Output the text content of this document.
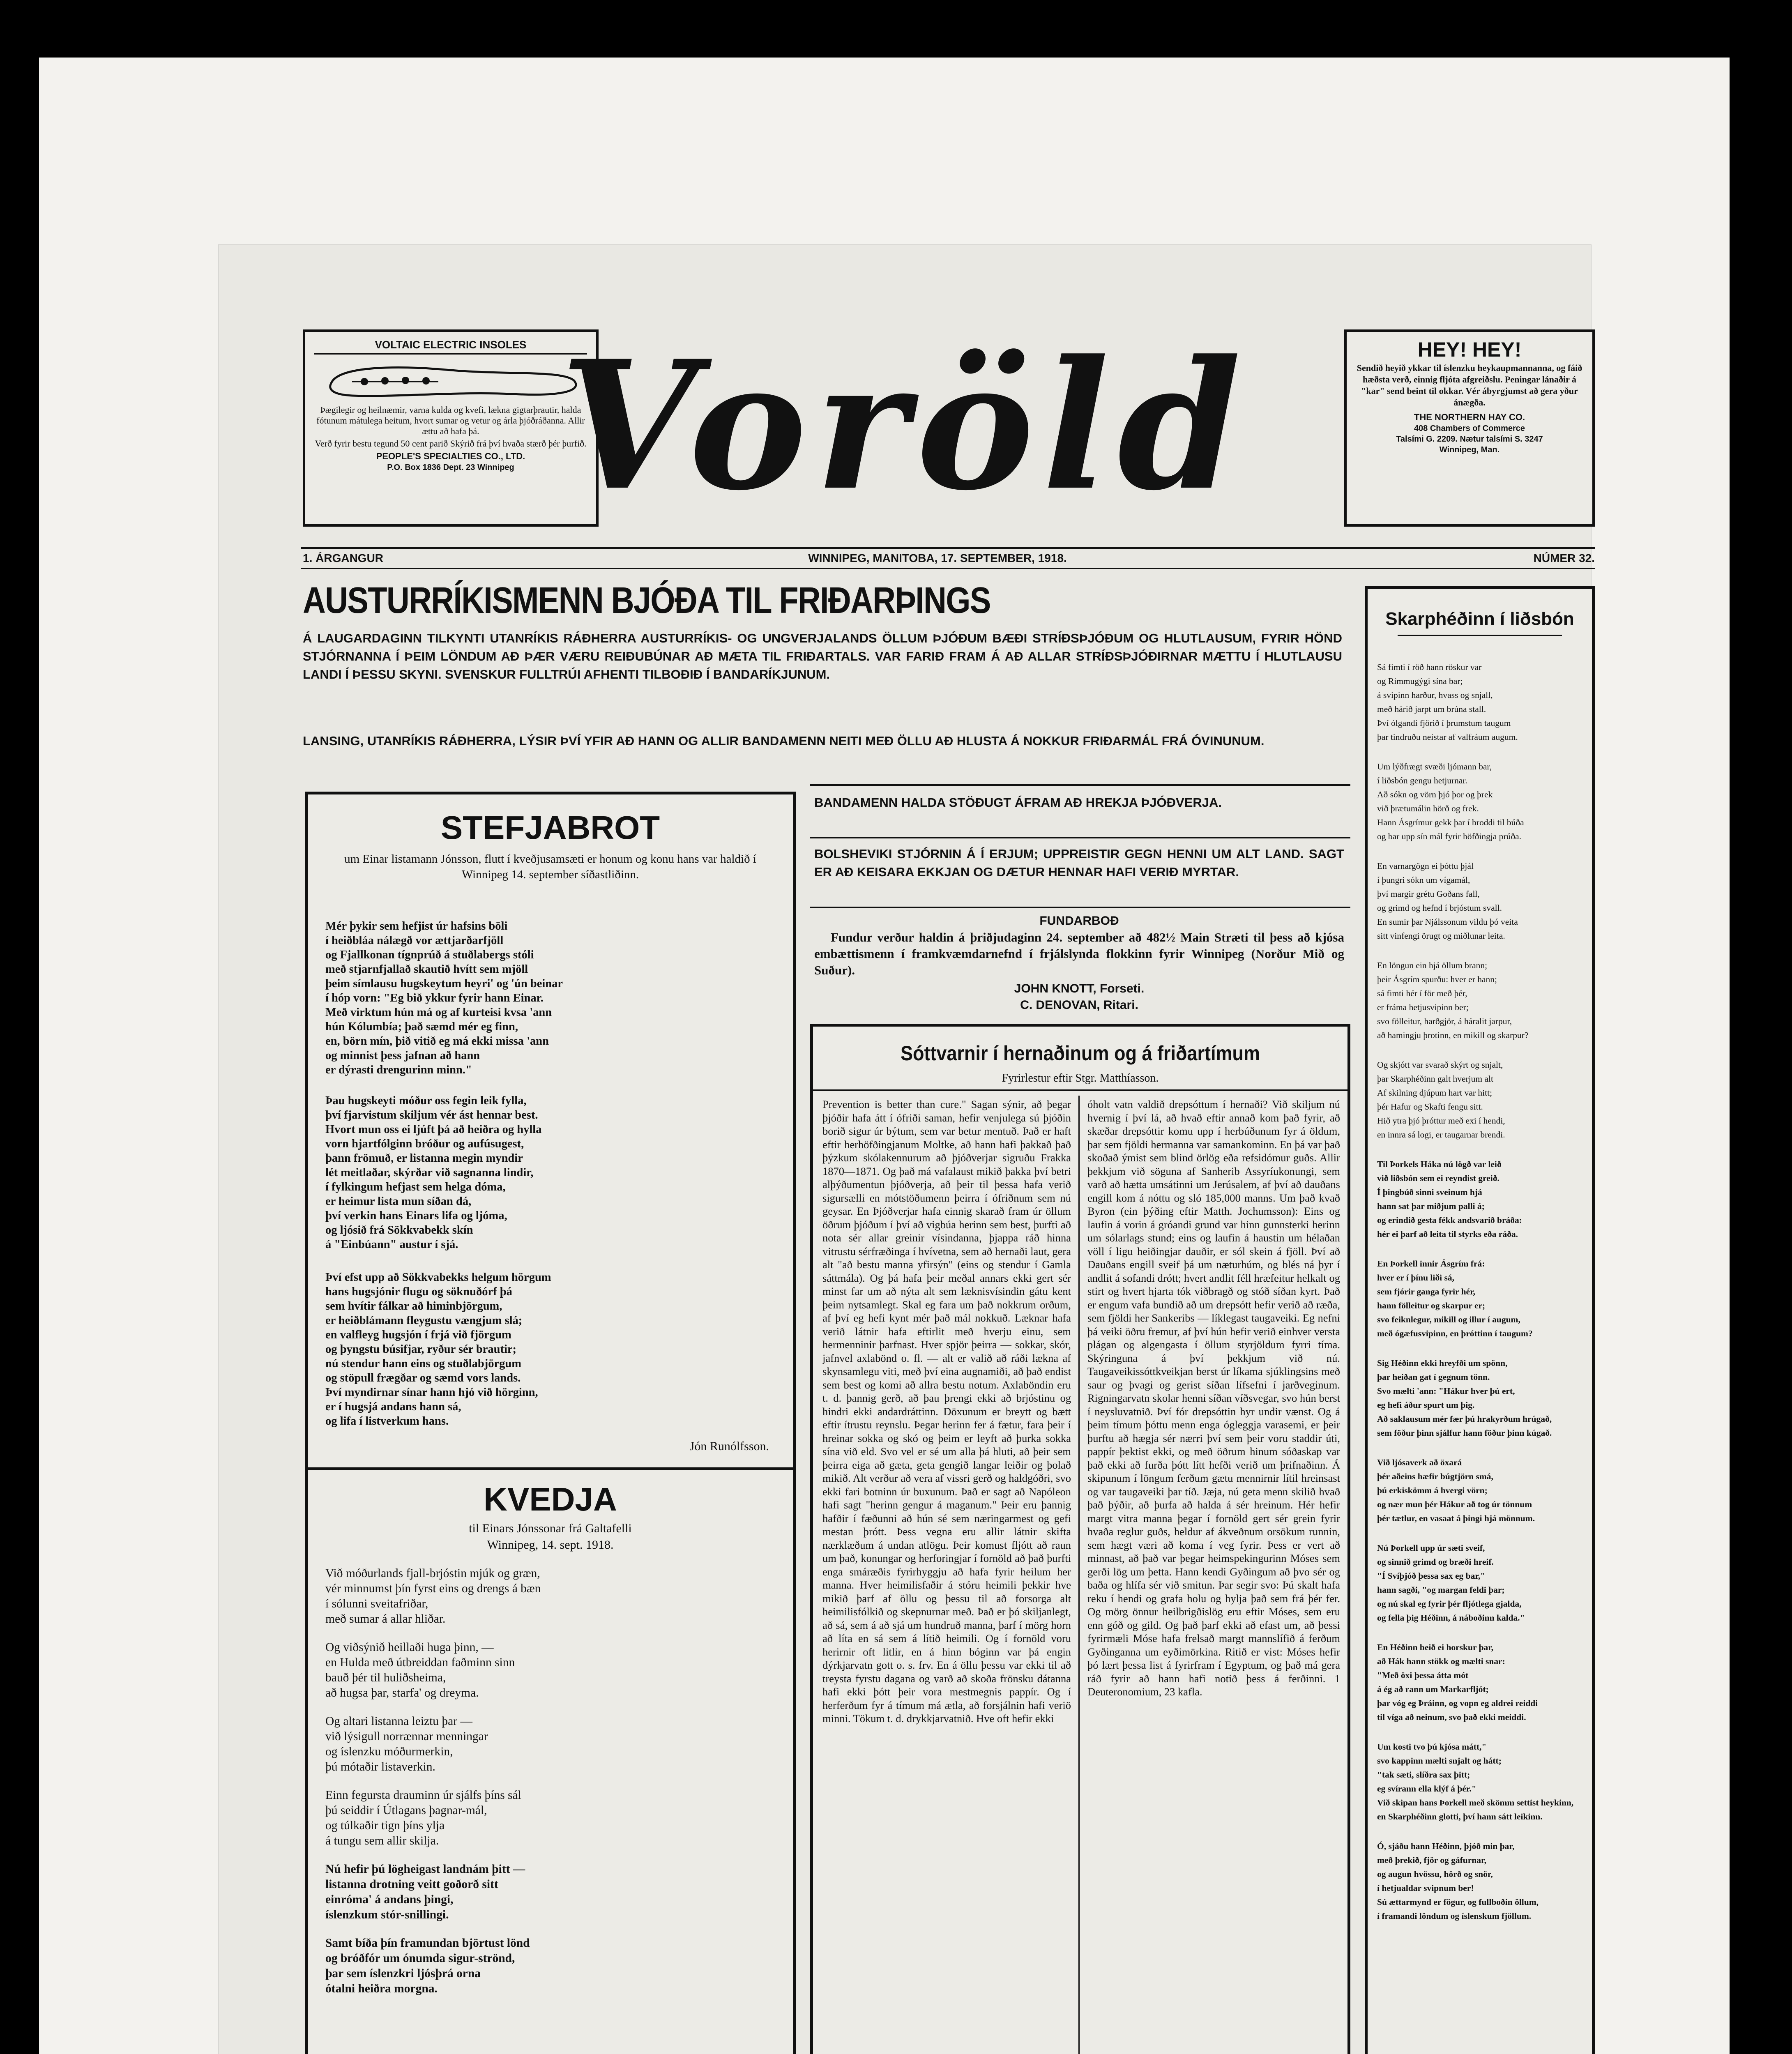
VOLTAIC ELECTRIC INSOLES
Þægilegir og heilnæmir, varna kulda og kvefi, lækna gigtarþrautir, halda fótunum mátulega heitum, hvort sumar og vetur og árla þjóðráðanna. Allir ættu að hafa þá.
Verð fyrir bestu tegund 50 cent parið Skýrið frá því hvaða stærð þér þurfið.
PEOPLE'S SPECIALTIES CO., LTD.
P.O. Box 1836 Dept. 23 Winnipeg Voröld	HEY! HEY!
Sendið heyið ykkar til íslenzku heykaupmannanna, og fáið hæðsta verð, einnig fljóta afgreiðslu. Peningar lánaðir á "kar" send beint til okkar. Vér ábyrgjumst að gera yður ánægða.
THE NORTHERN HAY CO.
408 Chambers of Commerce
Talsími G. 2209. Nætur talsími S. 3247
Winnipeg, Man.
1. ÁRGANGUR	WINNIPEG, MANITOBA, 17. SEPTEMBER, 1918.	NÚMER 32.
AUSTURRÍKISMENN BJÓÐA TIL FRIÐARÞINGS
Á LAUGARDAGINN TILKYNTI UTANRÍKIS RÁÐHERRA AUSTURRÍKIS- OG UNGVERJALANDS ÖLLUM ÞJÓÐUM BÆÐI STRÍÐSÞJÓÐUM OG HLUTLAUSUM, FYRIR HÖND STJÓRNANNA Í ÞEIM LÖNDUM AÐ ÞÆR VÆRU REIÐUBÚNAR AÐ MÆTA TIL FRIÐARTALS. VAR FARIÐ FRAM Á AÐ ALLAR STRÍÐSÞJÓÐIRNAR MÆTTU Í HLUTLAUSU LANDI Í ÞESSU SKYNI. SVENSKUR FULLTRÚI AFHENTI TILBOÐIÐ Í BANDARÍKJUNUM.
LANSING, UTANRÍKIS RÁÐHERRA, LÝSIR ÞVÍ YFIR AÐ HANN OG ALLIR BANDAMENN NEITI MEÐ ÖLLU AÐ HLUSTA Á NOKKUR FRIÐARMÁL FRÁ ÓVINUNUM.
STEFJABROT
um Einar listamann Jónsson, flutt í kveðjusamsæti er honum og konu hans var haldið í Winnipeg 14. september síðastliðinn.
Mér þykir sem hefjist úr hafsins böli
í heiðbláa nálægð vor ættjarðarfjöll
og Fjallkonan tígnprúð á stuðlabergs stóli
með stjarnfjallað skautið hvítt sem mjöll
þeim símlausu hugskeytum heyri' og 'ún beinar
í hóp vorn: "Eg bið ykkur fyrir hann Einar.
Með virktum hún má og af kurteisi kvsa 'ann
hún Kólumbía; það sæmd mér eg finn,
en, börn mín, þið vitið eg má ekki missa 'ann
og minnist þess jafnan að hann
er dýrasti drengurinn minn."
Þau hugskeyti móður oss fegin leik fylla,
því fjarvistum skiljum vér ást hennar best.
Hvort mun oss ei ljúft þá að heiðra og hylla
vorn hjartfólginn bróður og aufúsugest,
þann frömuð, er listanna megin myndir
lét meitlaðar, skýrðar við sagnanna lindir,
í fylkingum hefjast sem helga dóma,
er heimur lista mun síðan dá,
því verkin hans Einars lifa og ljóma,
og ljósið frá Sökkvabekk skín
á "Einbúann" austur í sjá.
Því efst upp að Sökkvabekks helgum hörgum
hans hugsjónir flugu og söknuðórf þá
sem hvítir fálkar að himinbjörgum,
er heiðblámann fleygustu vængjum slá;
en valfleyg hugsjón í frjá við fjörgum
og þyngstu búsifjar, ryður sér brautir;
nú stendur hann eins og stuðlabjörgum
og stöpull frægðar og sæmd vors lands.
Því myndirnar sínar hann hjó við hörginn,
er í hugsjá andans hann sá,
og lifa í listverkum hans.
Jón Runólfsson.
KVEDJA
til Einars Jónssonar frá Galtafelli
Winnipeg, 14. sept. 1918.
Við móðurlands fjall-brjóstin mjúk og græn,
vér minnumst þín fyrst eins og drengs á bæn
í sólunni sveitafriðar,
með sumar á allar hliðar.
Og viðsýnið heillaði huga þinn, —
en Hulda með útbreiddan faðminn sinn
bauð þér til huliðsheima,
að hugsa þar, starfa' og dreyma.
Og altari listanna leiztu þar —
við lýsigull norrænnar menningar
og íslenzku móðurmerkin,
þú mótaðir listaverkin.
Einn fegursta drauminn úr sjálfs þíns sál
þú seiddir í Útlagans þagnar-mál,
og túlkaðir tign þíns ylja
á tungu sem allir skilja.
Nú hefir þú lögheigast landnám þitt —
listanna drotning veitt goðorð sitt
einróma' á andans þingi,
íslenzkum stór-snillingi.
Samt bíða þín framundan björtust lönd
og bróðfór um ónumda sigur-strönd,
þar sem íslenzkri ljósþrá orna
ótalni heiðra morgna.
BANDAMENN HALDA STÖÐUGT ÁFRAM AÐ HREKJA ÞJÓÐVERJA.
BOLSHEVIKI STJÓRNIN Á Í ERJUM; UPPREISTIR GEGN HENNI UM ALT LAND. SAGT ER AÐ KEISARA EKKJAN OG DÆTUR HENNAR HAFI VERIÐ MYRTAR.
FUNDARBOÐ
Fundur verður haldin á þriðjudaginn 24. september að 482½ Main Stræti til þess að kjósa embættismenn í framkvæmdarnefnd í frjálslynda flokkinn fyrir Winnipeg (Norður Mið og Suður).
JOHN KNOTT, Forseti.
C. DENOVAN, Ritari.
Sóttvarnir í hernaðinum og á friðartímum
Fyrirlestur eftir Stgr. Matthíasson.
Prevention is better than cure." Sagan sýnir, að þegar þjóðir hafa átt í ófriði saman, hefir venjulega sú þjóðin borið sigur úr býtum, sem var betur mentuð. Það er haft eftir herhöfðingjanum Moltke, að hann hafi þakkað það þýzkum skólakennurum að þjóðverjar sigruðu Frakka 1870—1871. Og það má vafalaust mikið þakka því betri alþýðumentun þjóðverja, að þeir til þessa hafa verið sigursælli en mótstöðumenn þeirra í ófriðnum sem nú geysar. En Þjóðverjar hafa einnig skarað fram úr öllum öðrum þjóðum í því að vigbúa herinn sem best, þurfti að nota sér allar greinir vísindanna, þjappa ráð hinna vitrustu sérfræðinga í hvívetna, sem að hernaði laut, gera alt "að bestu manna yfirsýn" (eins og stendur í Gamla sáttmála). Og þá hafa þeir meðal annars ekki gert sér minst far um að nýta alt sem læknisvísindin gátu kent þeim nytsamlegt. Skal eg fara um það nokkrum orðum, af því eg hefi kynt mér það mál nokkuð. Læknar hafa verið látnir hafa eftirlit með hverju einu, sem hermenninir þarfnast. Hver spjör þeirra — sokkar, skór, jafnvel axlabönd o. fl. — alt er valið að ráði lækna af skynsamlegu viti, með því eina augnamiði, að það endist sem best og komi að allra bestu notum. Axlaböndin eru t. d. þannig gerð, að þau þrengi ekki að brjóstinu og hindri ekki andardráttinn. Döxunum er breytt og bætt eftir ítrustu reynslu. Þegar herinn fer á fætur, fara þeir í hreinar sokka og skó og þeim er leyft að þurka sokka sína við eld. Svo vel er sé um alla þá hluti, að þeir sem þeirra eiga að gæta, geta gengið langar leiðir og þolað mikið. Alt verður að vera af vissri gerð og haldgóðri, svo ekki fari botninn úr buxunum. Það er sagt að Napóleon hafi sagt "herinn gengur á maganum." Þeir eru þannig hafðir í fæðunni að hún sé sem næringarmest og gefi mestan þrótt. Þess vegna eru allir látnir skifta nærklæðum á undan atlögu. Þeir komust fljótt að raun um það, konungar og herforingjar í fornöld að það þurfti enga smáræðis fyrirhyggju að hafa fyrir heilum her manna. Hver heimilisfaðir á stóru heimili þekkir hve mikið þarf af öllu og þessu til að forsorga alt heimilisfólkið og skepnurnar með. Það er þó skiljanlegt, að sá, sem á að sjá um hundruð manna, þarf í mörg horn að líta en sá sem á lítið heimili. Og í fornöld voru herirnir oft litlir, en á hinn bóginn var þá engin dýrkjarvatn gott o. s. frv. En á öllu þessu var ekki til að treysta fyrstu dagana og varð að skoða frönsku dátanna hafi ekki þótt þeir vora mestmegnis pappír. Og í herferðum fyr á tímum má ætla, að forsjálnin hafi veriö minni. Tökum t. d. drykkjarvatnið. Hve oft hefir ekki
óholt vatn valdið drepsóttum í hernaði? Við skiljum nú hvernig í því lá, að hvað eftir annað kom það fyrir, að skæðar drepsóttir komu upp í herbúðunum fyr á öldum, þar sem fjöldi hermanna var samankominn. En þá var það skoðað ýmist sem blind örlög eða refsidómur guðs. Allir þekkjum við söguna af Sanherib Assyríukonungi, sem varð að hætta umsátinni um Jerúsalem, af því að dauðans engill kom á nóttu og sló 185,000 manns. Um það kvað Byron (ein þýðing eftir Matth. Jochumsson): Eins og laufin á vorin á gróandi grund var hinn gunnsterki herinn um sólarlags stund; eins og laufin á haustin um hélaðan völl í ligu heiðingjar dauðir, er sól skein á fjöll. Því að Dauðans engill sveif þá um næturhúm, og blés ná þyr í andlit á sofandi drótt; hvert andlit féll hræfeitur helkalt og stirt og hvert hjarta tók viðbragð og stóð síðan kyrt. Það er engum vafa bundið að um drepsótt hefir verið að ræða, sem fjöldi her Sankeribs — líklegast taugaveiki. Eg nefni þá veiki öðru fremur, af því hún hefir verið einhver versta plágan og algengasta í öllum styrjöldum fyrri tíma. Skýringuna á því þekkjum við nú. Taugaveikissóttkveikjan berst úr líkama sjúklingsins með saur og þvagi og gerist síðan lífsefni í jarðveginum. Rigningarvatn skolar henni síðan víðsvegar, svo hún berst í neysluvatnið. Því fór drepsóttin hyr undir vænst. Og á þeim tímum þóttu menn enga ógleggja varasemi, er þeir þurftu að hægja sér nærri því sem þeir voru staddir úti, pappír þektist ekki, og með öðrum hinum sóðaskap var það ekki að furða þótt lítt hefði verið um þrifnaðinn. Á skipunum í löngum ferðum gætu mennirnir lítil hreinsast og var taugaveiki þar tíð. Jæja, nú geta menn skilið hvað það þýðir, að þurfa að halda á sér hreinum. Hér hefir margt vitra manna þegar í fornöld gert sér grein fyrir hvaða reglur guðs, heldur af ákveðnum orsökum runnin, sem hægt væri að koma í veg fyrir. Þess er vert að minnast, að það var þegar heimspekingurinn Móses sem gerði lög um þetta. Hann kendi Gyðingum að þvo sér og baða og hlífa sér við smitun. Þar segir svo: Þú skalt hafa reku í hendi og grafa holu og hylja það sem frá þér fer. Og mörg önnur heilbrigðislög eru eftir Móses, sem eru enn góð og gild. Og það þarf ekki að efast um, að þessi fyrirmæli Móse hafa frelsað margt mannslífið á ferðum Gyðinganna um eyðimörkina. Ritið er vist: Móses hefir þó lært þessa list á fyrirfram í Egyptum, og það má gera ráð fyrir að hann hafi notið þess á ferðinni. 1 Deuteronomium, 23 kafla.
Skarphéðinn í liðsbón
Sá fimti í röð hann röskur var
og Rimmugýgi sína bar;
á svipinn harður, hvass og snjall,
með hárið jarpt um brúna stall.
Því ólgandi fjörið í þrumstum taugum
þar tindruðu neistar af valfráum augum.
Um lýðfrægt svæði ljómann bar,
í liðsbón gengu hetjurnar.
Að sókn og vörn þjó þor og þrek
við þrætumálin hörð og frek.
Hann Ásgrímur gekk þar í broddi til búða
og bar upp sín mál fyrir höfðingja prúða.
En varnargögn ei þóttu þjál
í þungri sókn um vígamál,
því margir grétu Goðans fall,
og grimd og hefnd í brjóstum svall.
En sumir þar Njálssonum vildu þó veita
sitt vinfengi örugt og miðlunar leita.
En löngun ein hjá öllum brann;
þeir Ásgrím spurðu: hver er hann;
sá fimti hér í för með þér,
er fráma hetjusvipinn ber;
svo fölleitur, harðgjör, á háralit jarpur,
að hamingju þrotinn, en mikill og skarpur?
Og skjótt var svarað skýrt og snjalt,
þar Skarphéðinn galt hverjum alt
Af skilning djúpum hart var hitt;
þér Hafur og Skafti fengu sitt.
Hið ytra þjó þróttur með exi í hendi,
en innra sá logi, er taugarnar brendi.
Til Þorkels Háka nú lögð var leið
við liðsbón sem ei reyndist greið.
Í þingbúð sinni sveinum hjá
hann sat þar miðjum palli á;
og erindið gesta fékk andsvarið bráða:
hér ei þarf að leita til styrks eða ráða.
En Þorkell innir Ásgrím frá:
hver er í þínu liði sá,
sem fjórir ganga fyrir hér,
hann fölleitur og skarpur er;
svo feiknlegur, mikill og illur í augum,
með ógæfusvipinn, en þróttinn í taugum?
Sig Héðinn ekki hreyfði um spönn,
þar heiðan gat í gegnum tönn.
Svo mælti 'ann: "Hákur hver þú ert,
eg hefi áður spurt um þig.
Að saklausum mér fær þú hrakyrðum hrúgað,
sem föður þinn sjálfur hann föður þinn kúgað.
Við ljósaverk að öxará
þér aðeins hæfir búgtjörn smá,
þú erkiskömm á hvergi vörn;
og nær mun þér Hákur að tog úr tönnum
þér tætlur, en vasaat á þingi hjá mönnum.
Nú Þorkell upp úr sæti sveif,
og sinnið grimd og bræði hreif.
"Í Svíþjóð þessa sax eg bar,"
hann sagði, "og margan feldi þar;
og nú skal eg fyrir þér fljótlega gjalda,
og fella þig Héðinn, á náboðinn kalda."
En Héðinn beið ei horskur þar,
að Hák hann stökk og mælti snar:
"Með öxi þessa átta mót
á ég að rann um Markarfljót;
þar vóg eg Þráinn, og vopn eg aldrei reiddi
til víga að neinum, svo það ekki meiddi.
Um kosti tvo þú kjósa mátt,"
svo kappinn mælti snjalt og hátt;
"tak sæti, slíðra sax þitt;
eg svírann ella klýf á þér."
Við skipan hans Þorkell með skömm settist heykinn,
en Skarphéðinn glotti, því hann sátt leikinn.
Ó, sjáðu hann Héðinn, þjóð min þar,
með þrekið, fjör og gáfurnar,
og augun hvössu, hörð og snör,
í hetjualdar svipnum ber!
Sú ættarmynd er fögur, og fullboðin öllum,
í framandi löndum og íslenskum fjöllum.
